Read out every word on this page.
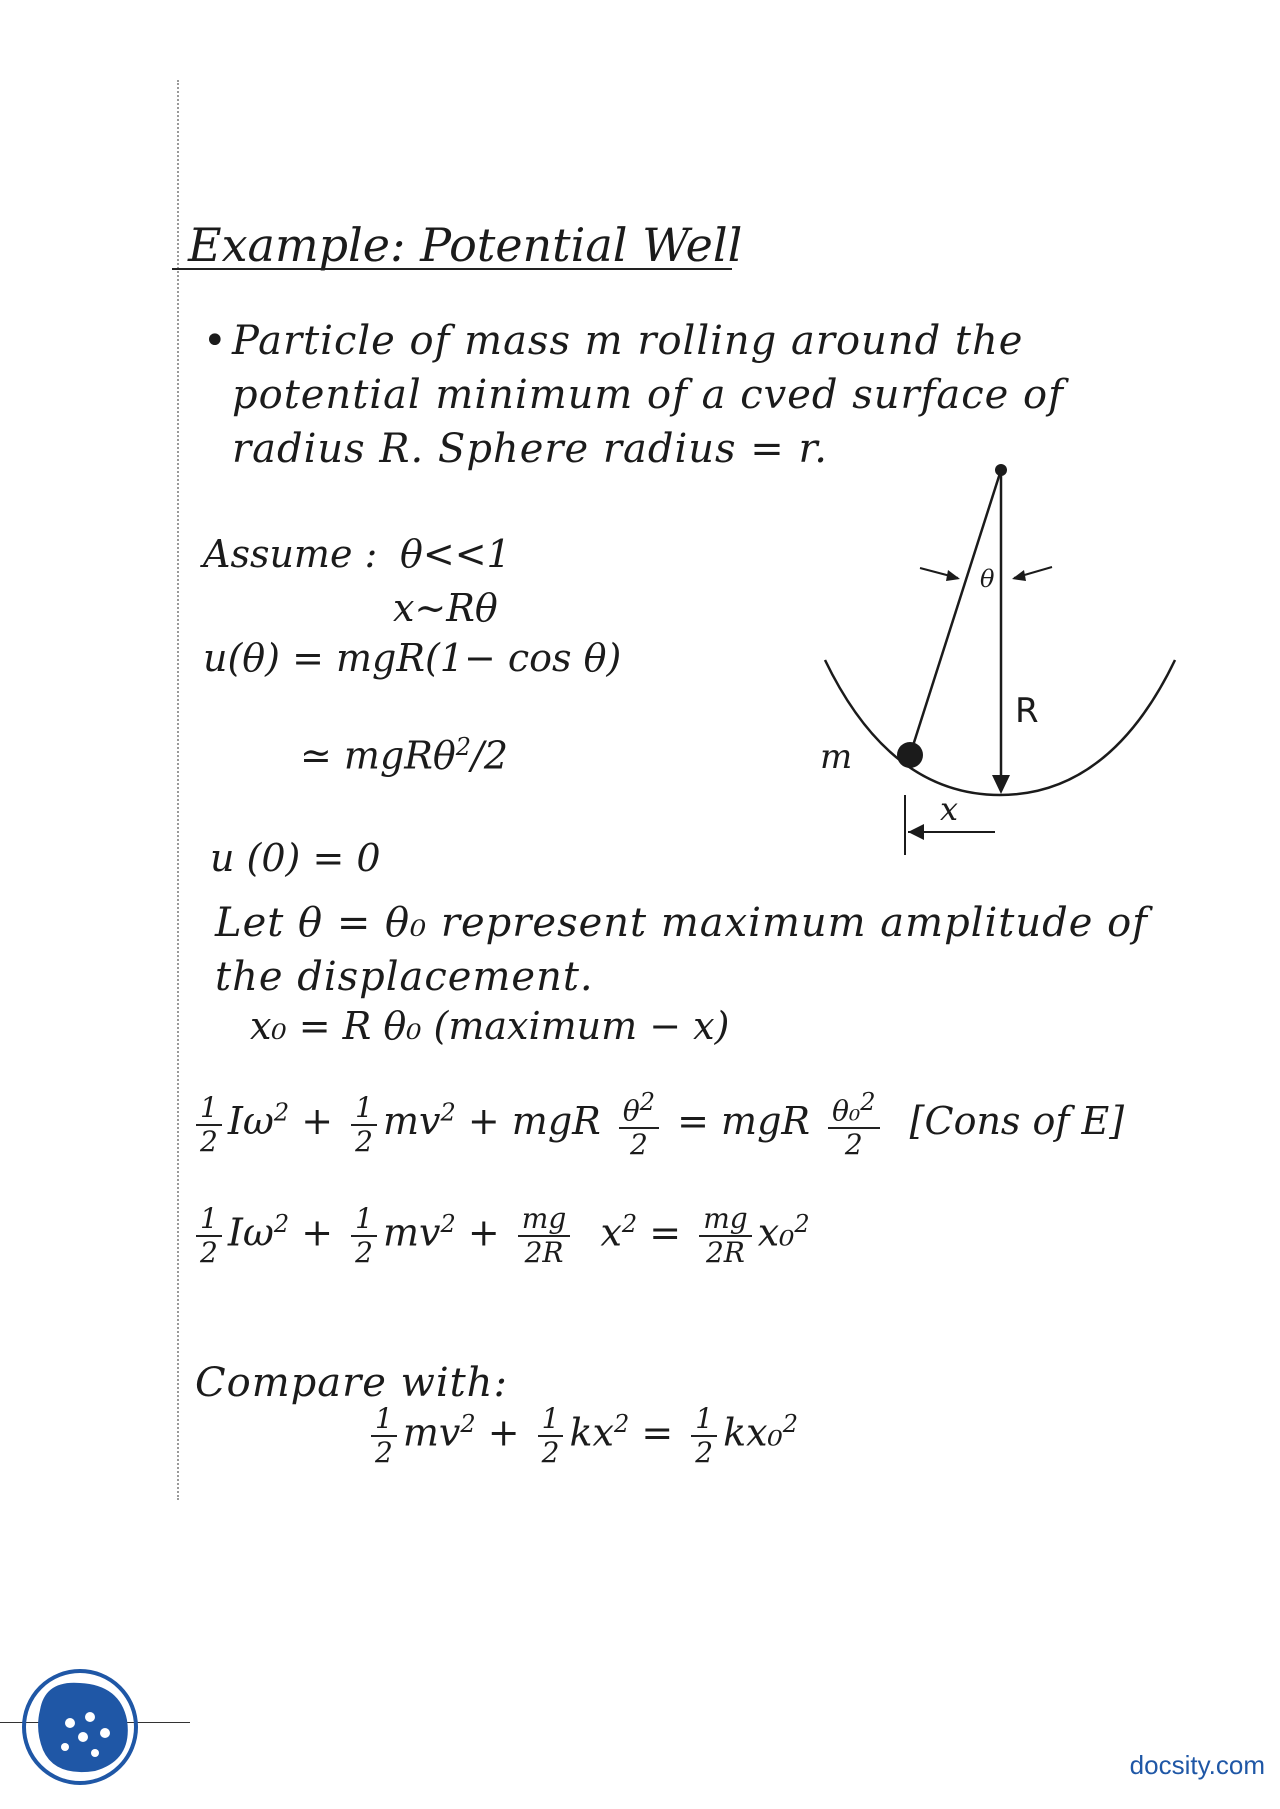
Example: Potential Well
• Particle of mass m rolling around the
potential minimum of a cved surface of
radius R. Sphere radius = r.
Assume : θ<<1
x∼Rθ
u(θ) = mgR(1− cos θ)
≃ mgRθ$^2$/2
u (0) = 0
Let θ = θ₀ represent maximum amplitude of
the displacement.
x₀ = R θ₀ (maximum − x)
$\frac{1}{2} I\omega^2 + \frac{1}{2} mv^2$ + mgR $\frac{\theta^2}{2}$ = mgR $\frac{\theta_0^2}{2}$ [Cons of E]
$\frac{1}{2} I\omega^2 + \frac{1}{2} mv^2 + \frac{mg}{2R} x^2 = \frac{mg}{2R} x_0^2$
Compare with:
$\frac{1}{2} mv^2 + \frac{1}{2} kx^2 = \frac{1}{2} kx_0^2$
θ
R
m
x
docsity.com
